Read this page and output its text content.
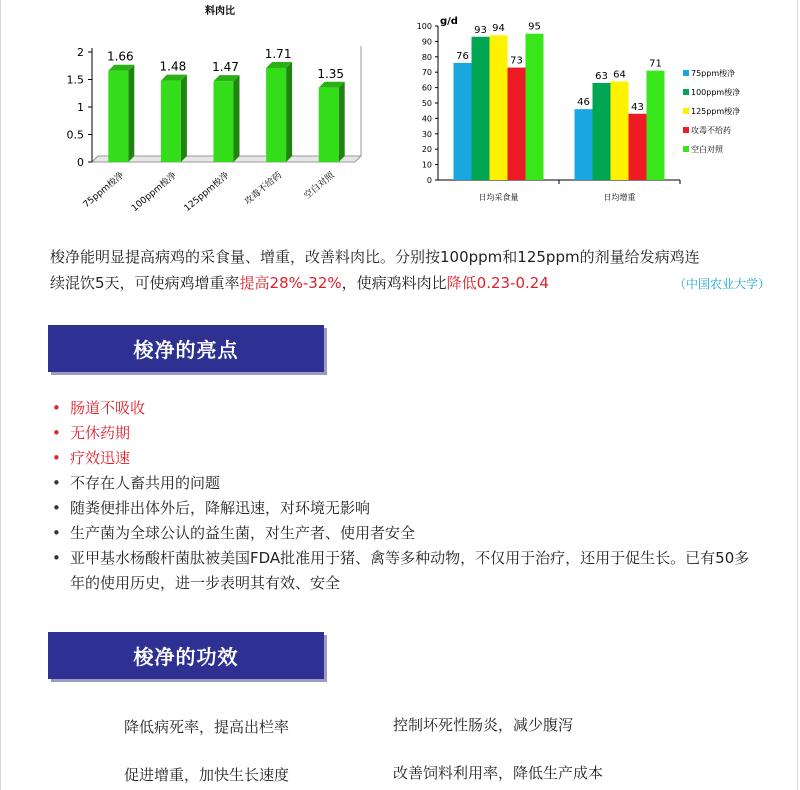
料肉比
0
0.5
1
1.5
2 1.66
75ppm梭净
1.48
100ppm梭净
1.47
125ppm梭净
1.71
攻毒不给药
1.35
空白对照
g/d
0
10
20
30
40
50
60
70
80
90
100
日均采食量
76
93 94
73
95
日均增重
46
63 64
43
71
75ppm梭净
100ppm梭净
125ppm梭净
攻毒不给药
空白对照
梭净能明显提高病鸡的采食量、增重，改善料肉比。分别按100ppm和125ppm的剂量给发病鸡连
续混饮5天，可使病鸡增重率提高28%-32%，使病鸡料肉比降低0.23-0.24	（中国农业大学）
梭净的亮点
• 肠道不吸收
• 无休药期
• 疗效迅速
• 不存在人畜共用的问题
• 随粪便排出体外后，降解迅速，对环境无影响
• 生产菌为全球公认的益生菌，对生产者、使用者安全
• 亚甲基水杨酸杆菌肽被美国FDA批准用于猪、禽等多种动物，不仅用于治疗，还用于促生长。已有50多年的使用历史，进一步表明其有效、安全
梭净的功效
降低病死率，提高出栏率	控制坏死性肠炎，减少腹泻
促进增重，加快生长速度	改善饲料利用率，降低生产成本
